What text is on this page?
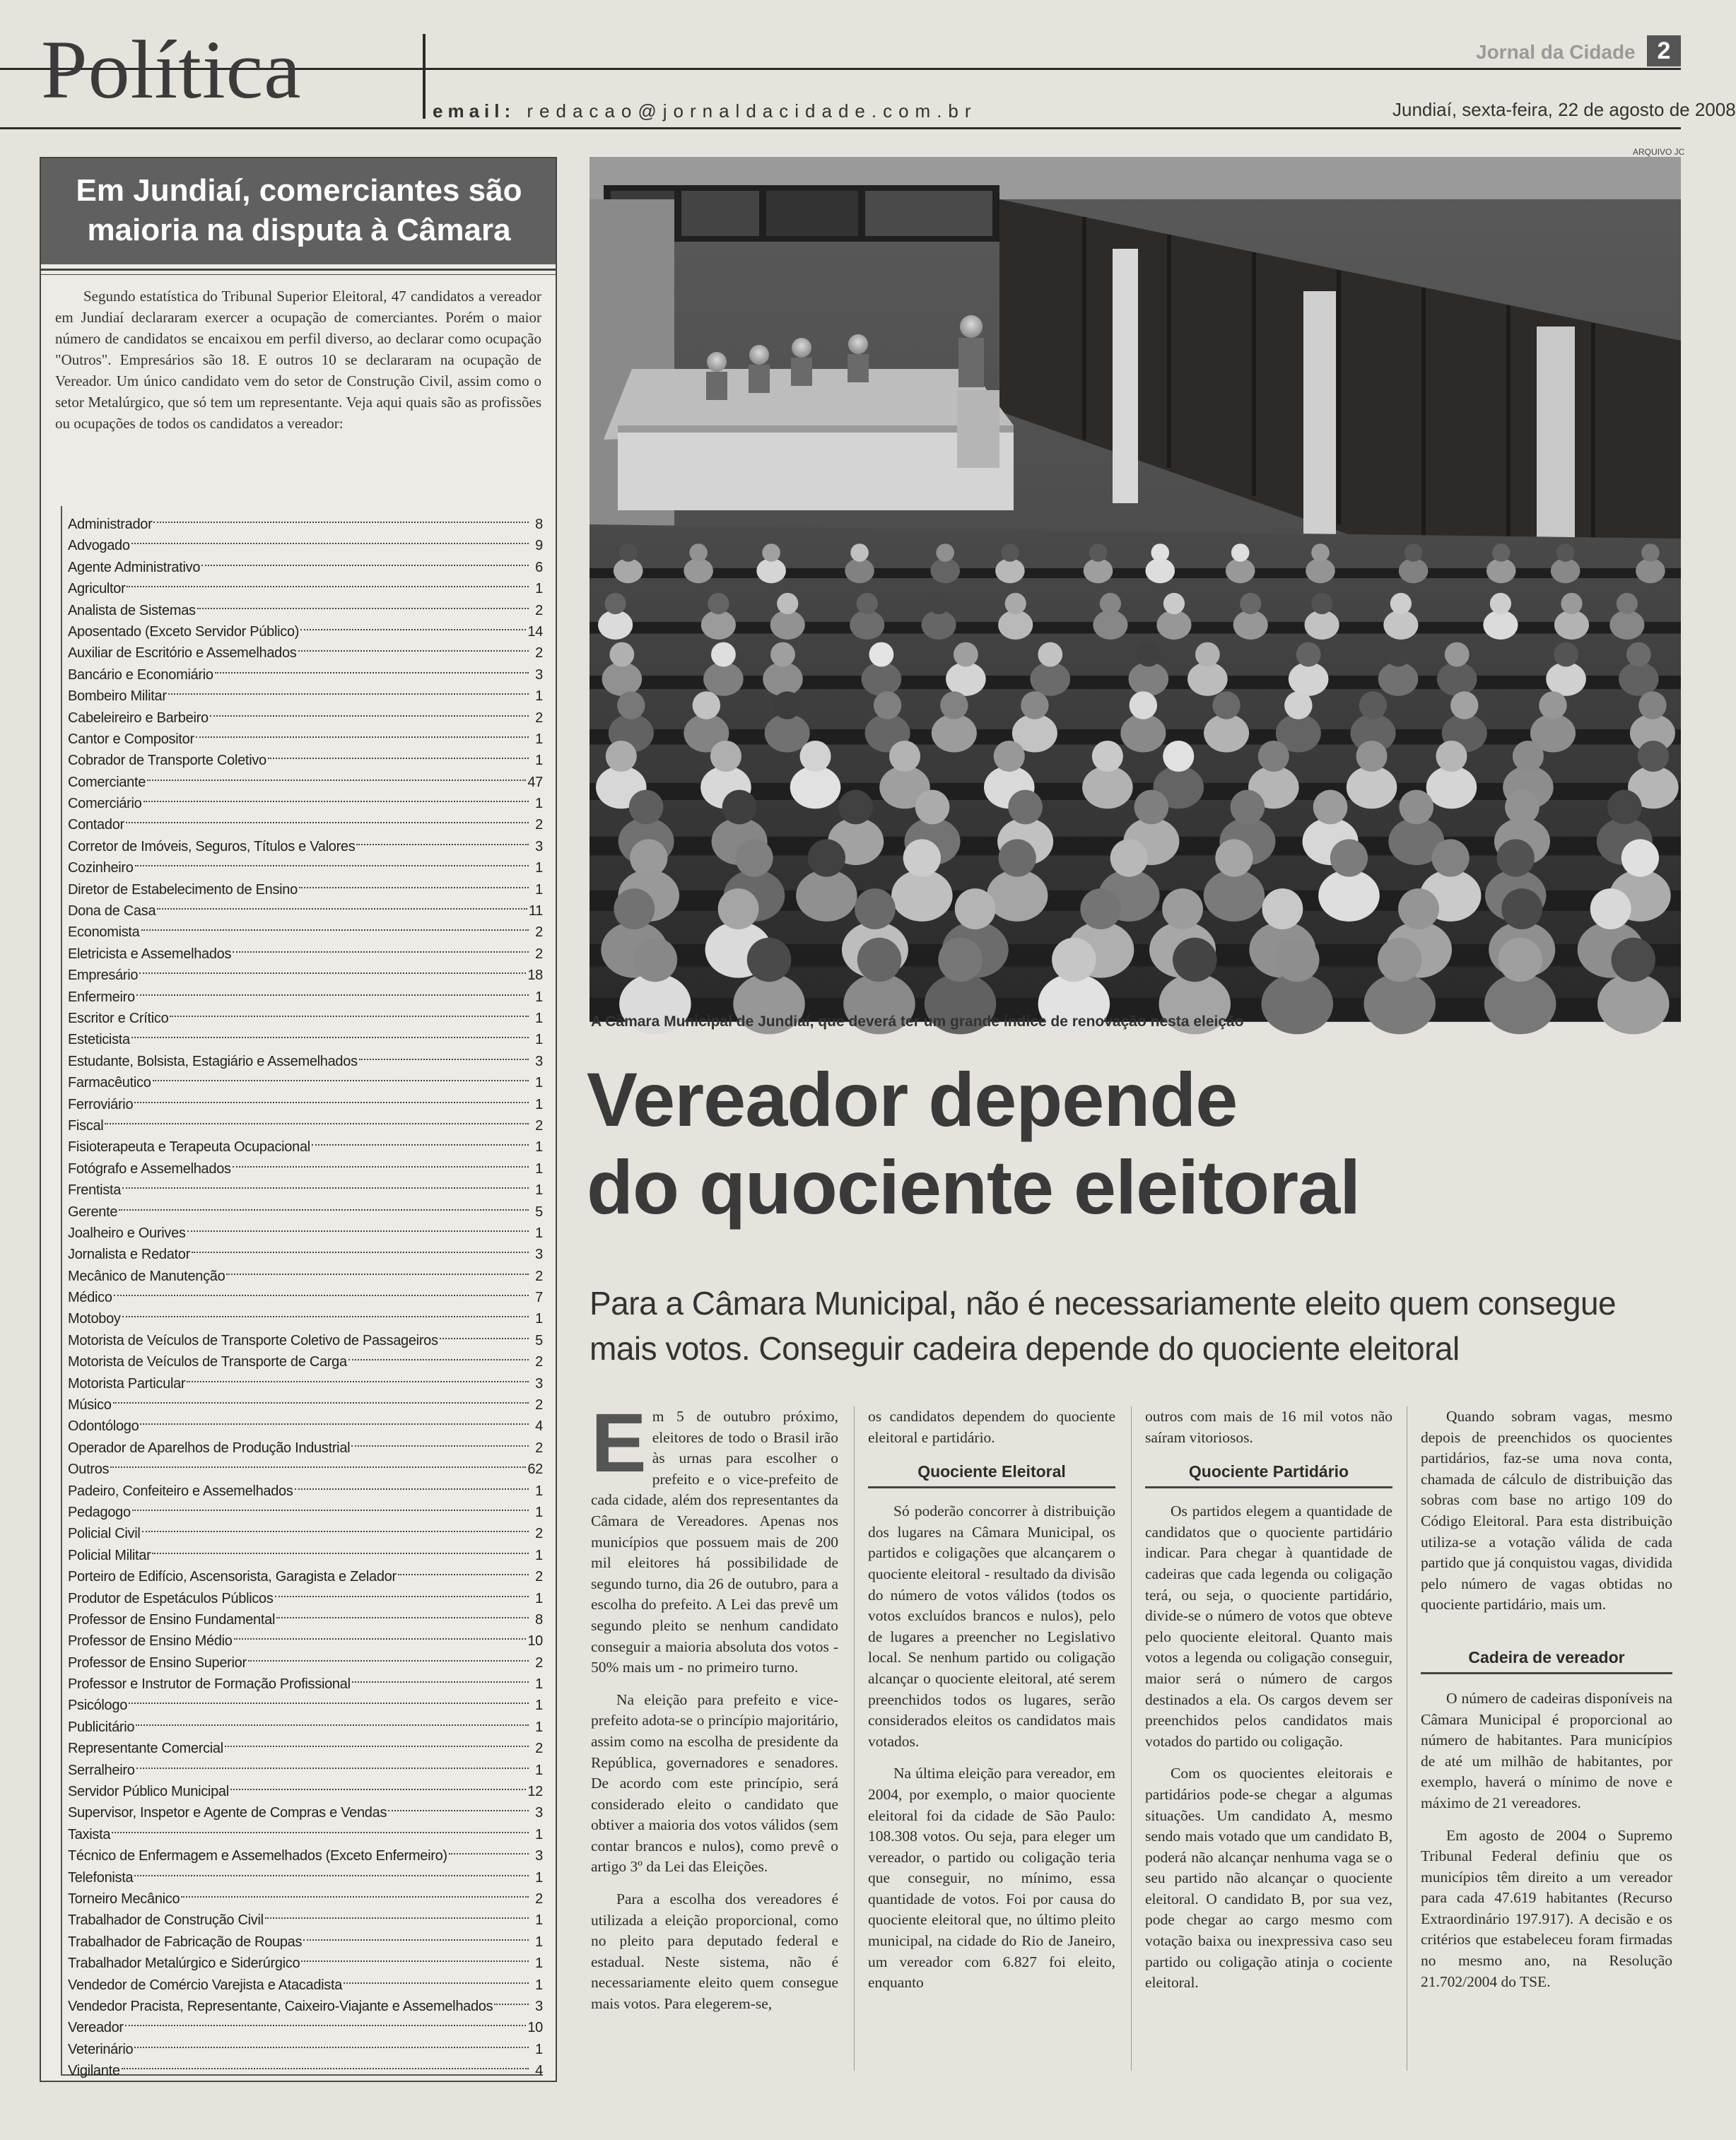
Política	email: redacao@jornaldacidade.com.br
Jornal da Cidade 2
Jundiaí, sexta-feira, 22 de agosto de 2008
ARQUIVO JC
Em Jundiaí, comerciantes são maioria na disputa à Câmara

Segundo estatística do Tribunal Superior Eleitoral, 47 candidatos a vereador em Jundiaí declararam exercer a ocupação de comerciantes. Porém o maior número de candidatos se encaixou em perfil diverso, ao declarar como ocupação "Outros". Empresários são 18. E outros 10 se declararam na ocupação de Vereador. Um único candidato vem do setor de Construção Civil, assim como o setor Metalúrgico, que só tem um representante. Veja aqui quais são as profissões ou ocupações de todos os candidatos a vereador:

Administrador	8
Advogado	9
Agente Administrativo	6
Agricultor	1
Analista de Sistemas	2
Aposentado (Exceto Servidor Público)	14
Auxiliar de Escritório e Assemelhados	2
Bancário e Economiário	3
Bombeiro Militar	1
Cabeleireiro e Barbeiro	2
Cantor e Compositor	1
Cobrador de Transporte Coletivo	1
Comerciante	47
Comerciário	1
Contador	2
Corretor de Imóveis, Seguros, Títulos e Valores	3
Cozinheiro	1
Diretor de Estabelecimento de Ensino	1
Dona de Casa	11
Economista	2
Eletricista e Assemelhados	2
Empresário	18
Enfermeiro	1
Escritor e Crítico	1
Esteticista	1
Estudante, Bolsista, Estagiário e Assemelhados	3
Farmacêutico	1
Ferroviário	1
Fiscal	2
Fisioterapeuta e Terapeuta Ocupacional	1
Fotógrafo e Assemelhados	1
Frentista	1
Gerente	5
Joalheiro e Ourives	1
Jornalista e Redator	3
Mecânico de Manutenção	2
Médico	7
Motoboy	1
Motorista de Veículos de Transporte Coletivo de Passageiros	5
Motorista de Veículos de Transporte de Carga	2
Motorista Particular	3
Músico	2
Odontólogo	4
Operador de Aparelhos de Produção Industrial	2
Outros	62
Padeiro, Confeiteiro e Assemelhados	1
Pedagogo	1
Policial Civil	2
Policial Militar	1
Porteiro de Edifício, Ascensorista, Garagista e Zelador	2
Produtor de Espetáculos Públicos	1
Professor de Ensino Fundamental	8
Professor de Ensino Médio	10
Professor de Ensino Superior	2
Professor e Instrutor de Formação Profissional	1
Psicólogo	1
Publicitário	1
Representante Comercial	2
Serralheiro	1
Servidor Público Municipal	12
Supervisor, Inspetor e Agente de Compras e Vendas	3
Taxista	1
Técnico de Enfermagem e Assemelhados (Exceto Enfermeiro)	3
Telefonista	1
Torneiro Mecânico	2
Trabalhador de Construção Civil	1
Trabalhador de Fabricação de Roupas	1
Trabalhador Metalúrgico e Siderúrgico	1
Vendedor de Comércio Varejista e Atacadista	1
Vendedor Pracista, Representante, Caixeiro-Viajante e Assemelhados	3
Vereador	10
Veterinário	1
Vigilante	4
A Câmara Municipal de Jundiaí, que deverá ter um grande índice de renovação nesta eleição
Vereador depende
do quociente eleitoral

Para a Câmara Municipal, não é necessariamente eleito quem consegue mais votos. Conseguir cadeira depende do quociente eleitoral

Em 5 de outubro próximo, eleitores de todo o Brasil irão às urnas para escolher o prefeito e o vice-prefeito de cada cidade, além dos representantes da Câmara de Vereadores. Apenas nos municípios que possuem mais de 200 mil eleitores há possibilidade de segundo turno, dia 26 de outubro, para a escolha do prefeito. A Lei das prevê um segundo pleito se nenhum candidato conseguir a maioria absoluta dos votos - 50% mais um - no primeiro turno.

Na eleição para prefeito e vice-prefeito adota-se o princípio majoritário, assim como na escolha de presidente da República, governadores e senadores. De acordo com este princípio, será considerado eleito o candidato que obtiver a maioria dos votos válidos (sem contar brancos e nulos), como prevê o artigo 3º da Lei das Eleições.

Para a escolha dos vereadores é utilizada a eleição proporcional, como no pleito para deputado federal e estadual. Neste sistema, não é necessariamente eleito quem consegue mais votos. Para elegerem-se,

os candidatos dependem do quociente eleitoral e partidário.

Quociente Eleitoral

Só poderão concorrer à distribuição dos lugares na Câmara Municipal, os partidos e coligações que alcançarem o quociente eleitoral - resultado da divisão do número de votos válidos (todos os votos excluídos brancos e nulos), pelo de lugares a preencher no Legislativo local. Se nenhum partido ou coligação alcançar o quociente eleitoral, até serem preenchidos todos os lugares, serão considerados eleitos os candidatos mais votados.

Na última eleição para vereador, em 2004, por exemplo, o maior quociente eleitoral foi da cidade de São Paulo: 108.308 votos. Ou seja, para eleger um vereador, o partido ou coligação teria que conseguir, no mínimo, essa quantidade de votos. Foi por causa do quociente eleitoral que, no último pleito municipal, na cidade do Rio de Janeiro, um vereador com 6.827 foi eleito, enquanto

outros com mais de 16 mil votos não saíram vitoriosos.

Quociente Partidário

Os partidos elegem a quantidade de candidatos que o quociente partidário indicar. Para chegar à quantidade de cadeiras que cada legenda ou coligação terá, ou seja, o quociente partidário, divide-se o número de votos que obteve pelo quociente eleitoral. Quanto mais votos a legenda ou coligação conseguir, maior será o número de cargos destinados a ela. Os cargos devem ser preenchidos pelos candidatos mais votados do partido ou coligação.

Com os quocientes eleitorais e partidários pode-se chegar a algumas situações. Um candidato A, mesmo sendo mais votado que um candidato B, poderá não alcançar nenhuma vaga se o seu partido não alcançar o quociente eleitoral. O candidato B, por sua vez, pode chegar ao cargo mesmo com votação baixa ou inexpressiva caso seu partido ou coligação atinja o cociente eleitoral.

Quando sobram vagas, mesmo depois de preenchidos os quocientes partidários, faz-se uma nova conta, chamada de cálculo de distribuição das sobras com base no artigo 109 do Código Eleitoral. Para esta distribuição utiliza-se a votação válida de cada partido que já conquistou vagas, dividida pelo número de vagas obtidas no quociente partidário, mais um.

Cadeira de vereador

O número de cadeiras disponíveis na Câmara Municipal é proporcional ao número de habitantes. Para municípios de até um milhão de habitantes, por exemplo, haverá o mínimo de nove e máximo de 21 vereadores.

Em agosto de 2004 o Supremo Tribunal Federal definiu que os municípios têm direito a um vereador para cada 47.619 habitantes (Recurso Extraordinário 197.917). A decisão e os critérios que estabeleceu foram firmadas no mesmo ano, na Resolução 21.702/2004 do TSE.
